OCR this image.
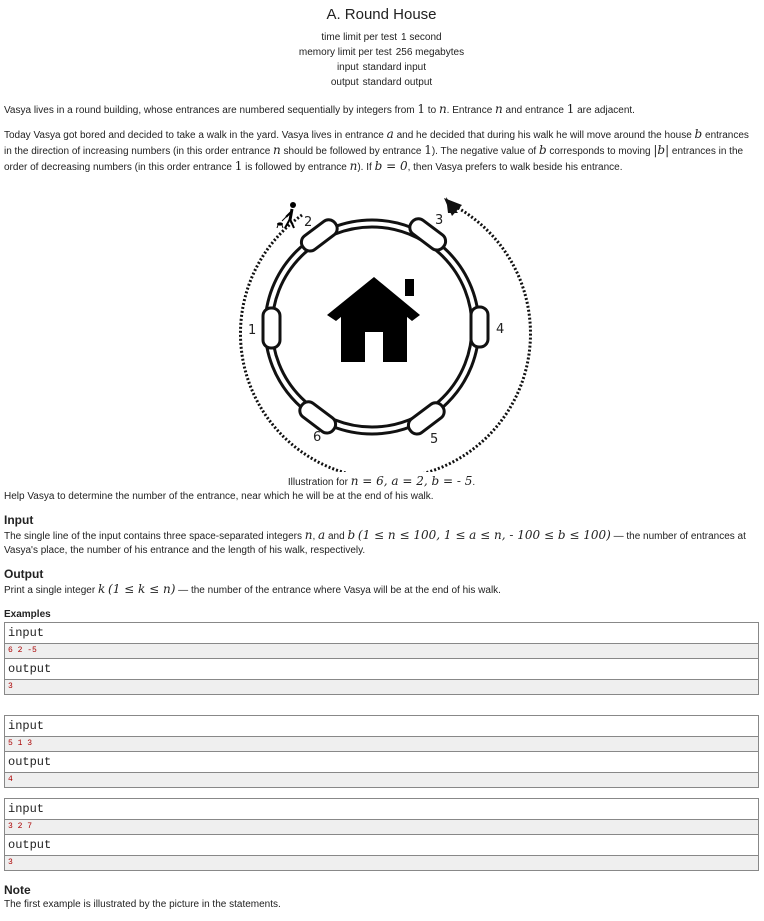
A. Round House
time limit per test 1 second
memory limit per test 256 megabytes
input standard input
output standard output

Vasya lives in a round building, whose entrances are numbered sequentially by integers from 1 to n. Entrance n and entrance 1 are adjacent.

Today Vasya got bored and decided to take a walk in the yard. Vasya lives in entrance a and he decided that during his walk he will move around the house b entrances in the direction of increasing numbers (in this order entrance n should be followed by entrance 1). The negative value of b corresponds to moving |b| entrances in the order of decreasing numbers (in this order entrance 1 is followed by entrance n). If b = 0, then Vasya prefers to walk beside his entrance.

1
2	3
4
5
6
Illustration for n = 6, a = 2, b = - 5.

Help Vasya to determine the number of the entrance, near which he will be at the end of his walk.

Input

The single line of the input contains three space-separated integers n, a and b (1 ≤ n ≤ 100, 1 ≤ a ≤ n, - 100 ≤ b ≤ 100) — the number of entrances at Vasya's place, the number of his entrance and the length of his walk, respectively.

Output

Print a single integer k (1 ≤ k ≤ n) — the number of the entrance where Vasya will be at the end of his walk.

Examples
input
6 2 -5
output
3
input
5 1 3
output
4
input
3 2 7
output
3
Note

The first example is illustrated by the picture in the statements.
